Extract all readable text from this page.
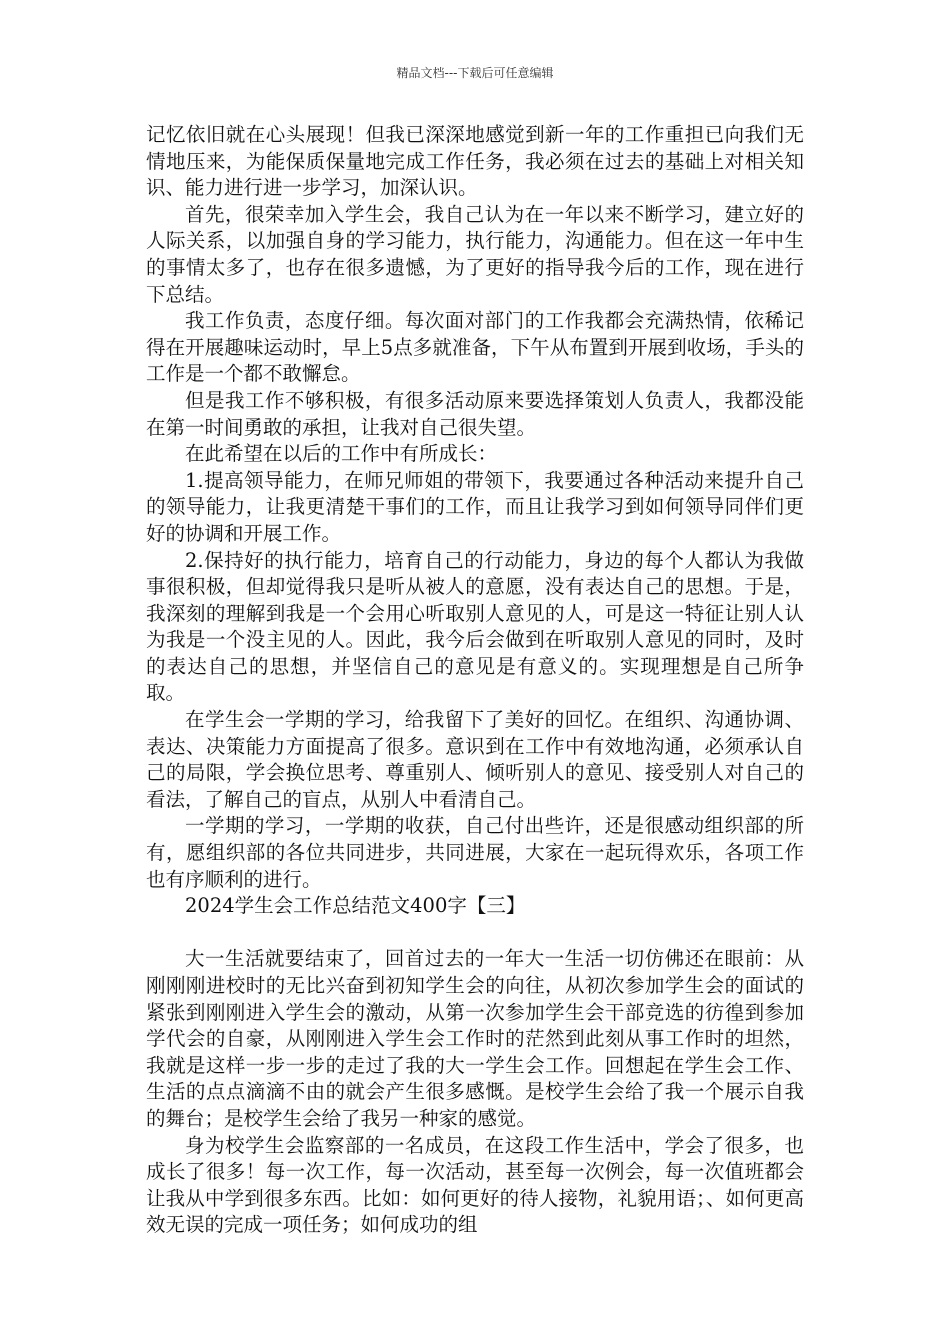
精品文档---下载后可任意编辑

记忆依旧就在心头展现！但我已深深地感觉到新一年的工作重担已向我们无情地压来，为能保质保量地完成工作任务，我必须在过去的基础上对相关知识、能力进行进一步学习，加深认识。

首先，很荣幸加入学生会，我自己认为在一年以来不断学习，建立好的人际关系，以加强自身的学习能力，执行能力，沟通能力。但在这一年中生的事情太多了，也存在很多遗憾，为了更好的指导我今后的工作，现在进行下总结。

我工作负责，态度仔细。每次面对部门的工作我都会充满热情，依稀记得在开展趣味运动时，早上5点多就准备，下午从布置到开展到收场，手头的工作是一个都不敢懈怠。

但是我工作不够积极，有很多活动原来要选择策划人负责人，我都没能在第一时间勇敢的承担，让我对自己很失望。

在此希望在以后的工作中有所成长：

1.提高领导能力，在师兄师姐的带领下，我要通过各种活动来提升自己的领导能力，让我更清楚干事们的工作，而且让我学习到如何领导同伴们更好的协调和开展工作。

2.保持好的执行能力，培育自己的行动能力，身边的每个人都认为我做事很积极，但却觉得我只是听从被人的意愿，没有表达自己的思想。于是，我深刻的理解到我是一个会用心听取别人意见的人，可是这一特征让别人认为我是一个没主见的人。因此，我今后会做到在听取别人意见的同时，及时的表达自己的思想，并坚信自己的意见是有意义的。实现理想是自己所争取。

在学生会一学期的学习，给我留下了美好的回忆。在组织、沟通协调、表达、决策能力方面提高了很多。意识到在工作中有效地沟通，必须承认自己的局限，学会换位思考、尊重别人、倾听别人的意见、接受别人对自己的看法，了解自己的盲点，从别人中看清自己。

一学期的学习，一学期的收获，自己付出些许，还是很感动组织部的所有，愿组织部的各位共同进步，共同进展，大家在一起玩得欢乐，各项工作也有序顺利的进行。

2024学生会工作总结范文400字【三】

大一生活就要结束了，回首过去的一年大一生活一切仿佛还在眼前：从刚刚刚进校时的无比兴奋到初知学生会的向往，从初次参加学生会的面试的紧张到刚刚进入学生会的激动，从第一次参加学生会干部竞选的彷徨到参加学代会的自豪，从刚刚进入学生会工作时的茫然到此刻从事工作时的坦然，我就是这样一步一步的走过了我的大一学生会工作。回想起在学生会工作、生活的点点滴滴不由的就会产生很多感慨。是校学生会给了我一个展示自我的舞台；是校学生会给了我另一种家的感觉。

身为校学生会监察部的一名成员，在这段工作生活中，学会了很多，也成长了很多！每一次工作，每一次活动，甚至每一次例会，每一次值班都会让我从中学到很多东西。比如：如何更好的待人接物，礼貌用语；、如何更高效无误的完成一项任务；如何成功的组
